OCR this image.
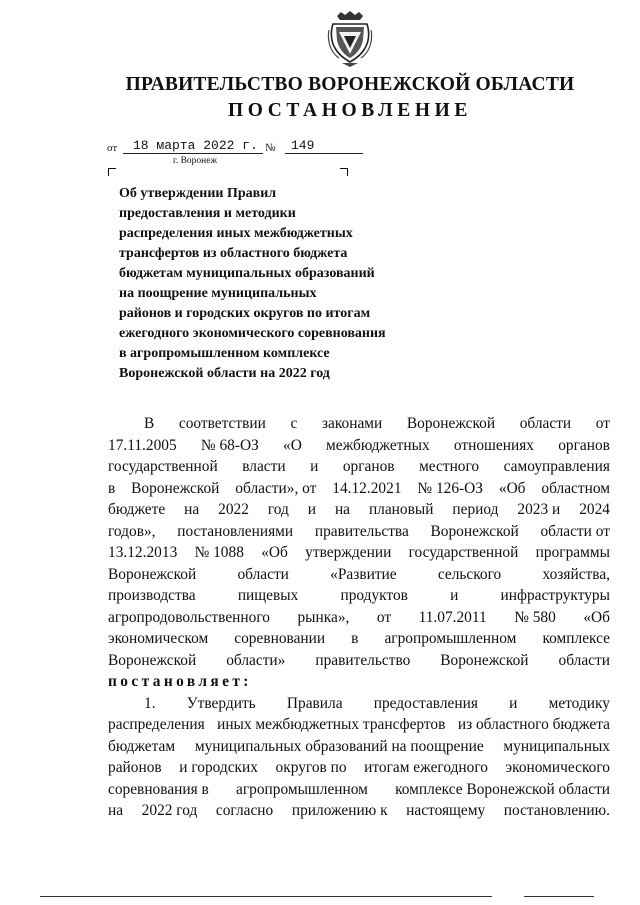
ПРАВИТЕЛЬСТВО ВОРОНЕЖСКОЙ ОБЛАСТИ
ПОСТАНОВЛЕНИЕ
от	18 марта 2022 г. №	149
г. Воронеж
Об утверждении Правил
предоставления и методики
распределения иных межбюджетных
трансфертов из областного бюджета
бюджетам муниципальных образований
на поощрение муниципальных
районов и городских округов по итогам
ежегодного экономического соревнования
в агропромышленном комплексе
Воронежской области на 2022 год
В соответствии с законами Воронежской области от
17.11.2005 № 68-ОЗ «О межбюджетных отношениях органов
государственной власти и органов местного самоуправления
в Воронежской области», от 14.12.2021 № 126-ОЗ «Об областном
бюджете на 2022 год и на плановый период 2023 и 2024
годов», постановлениями правительства Воронежской области от
13.12.2013 № 1088 «Об утверждении государственной программы
Воронежской	области	«Развитие	сельского	хозяйства,
производства	пищевых	продуктов	и	инфраструктуры
агропродовольственного рынка», от 11.07.2011 № 580 «Об
экономическом соревновании в агропромышленном комплексе
Воронежской области» правительство Воронежской области
постановляет:
1. Утвердить Правила предоставления и методику
распределения иных межбюджетных трансфертов из областного бюджета
бюджетам муниципальных образований на поощрение муниципальных
районов и городских округов по итогам ежегодного экономического
соревнования в агропромышленном комплексе Воронежской области
на 2022 год согласно приложению к настоящему постановлению.
